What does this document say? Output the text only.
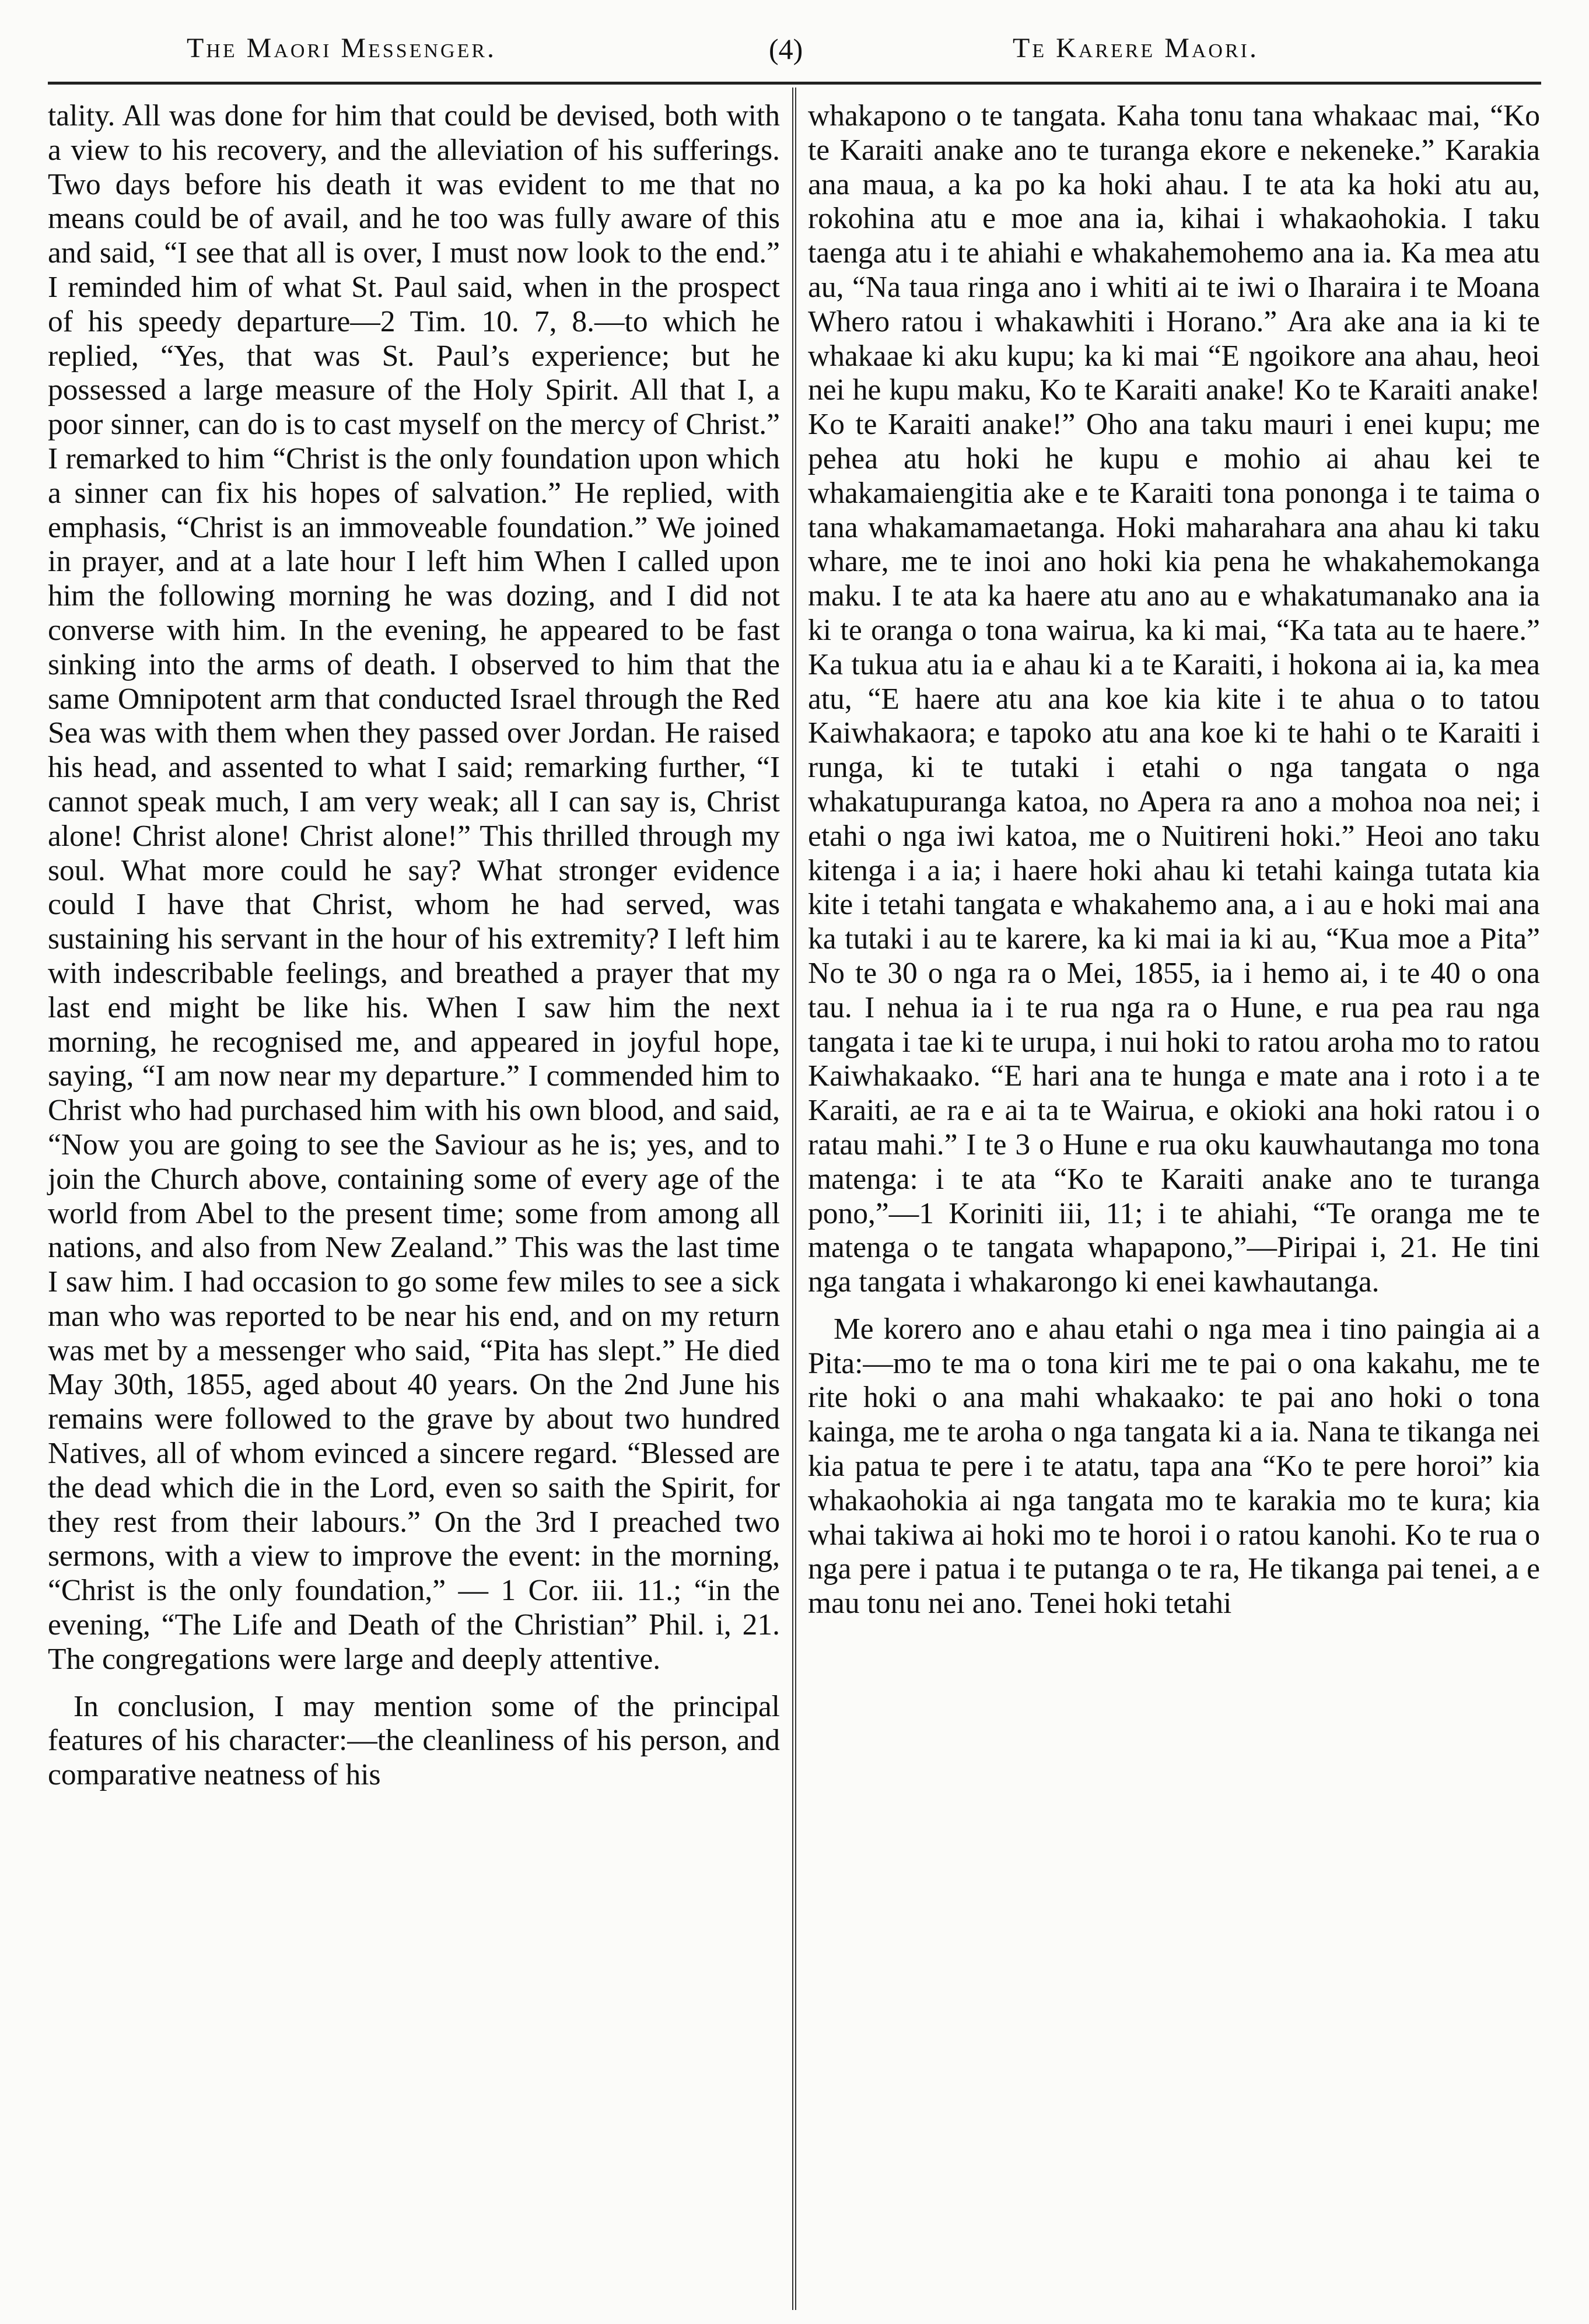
The Maori Messenger.	(4)	Te Karere Maori.

tality. All was done for him that could be devised, both with a view to his recovery, and the alleviation of his sufferings. Two days before his death it was evident to me that no means could be of avail, and he too was fully aware of this and said, “I see that all is over, I must now look to the end.” I reminded him of what St. Paul said, when in the prospect of his speedy departure—2 Tim. 10. 7, 8.—to which he replied, “Yes, that was St. Paul’s experience; but he possessed a large measure of the Holy Spirit. All that I, a poor sinner, can do is to cast myself on the mercy of Christ.” I remarked to him “Christ is the only foundation upon which a sinner can fix his hopes of salvation.” He replied, with emphasis, “Christ is an immoveable foundation.” We joined in prayer, and at a late hour I left him When I called upon him the following morning he was dozing, and I did not converse with him. In the evening, he appeared to be fast sinking into the arms of death. I observed to him that the same Omnipotent arm that conducted Israel through the Red Sea was with them when they passed over Jordan. He raised his head, and assented to what I said; remarking further, “I cannot speak much, I am very weak; all I can say is, Christ alone! Christ alone! Christ alone!” This thrilled through my soul. What more could he say? What stronger evidence could I have that Christ, whom he had served, was sustaining his servant in the hour of his extremity? I left him with indescribable feelings, and breathed a prayer that my last end might be like his. When I saw him the next morning, he recognised me, and appeared in joyful hope, saying, “I am now near my departure.” I commended him to Christ who had purchased him with his own blood, and said, “Now you are going to see the Saviour as he is; yes, and to join the Church above, containing some of every age of the world from Abel to the present time; some from among all nations, and also from New Zealand.” This was the last time I saw him. I had occasion to go some few miles to see a sick man who was reported to be near his end, and on my return was met by a messenger who said, “Pita has slept.” He died May 30th, 1855, aged about 40 years. On the 2nd June his remains were followed to the grave by about two hundred Natives, all of whom evinced a sincere regard. “Blessed are the dead which die in the Lord, even so saith the Spirit, for they rest from their labours.” On the 3rd I preached two sermons, with a view to improve the event: in the morning, “Christ is the only foundation,” — 1 Cor. iii. 11.; “in the evening, “The Life and Death of the Christian” Phil. i, 21. The congregations were large and deeply attentive.

In conclusion, I may mention some of the principal features of his character:—the cleanliness of his person, and comparative neatness of his

whakapono o te tangata. Kaha tonu tana whakaac mai, “Ko te Karaiti anake ano te turanga ekore e nekeneke.” Karakia ana maua, a ka po ka hoki ahau. I te ata ka hoki atu au, rokohina atu e moe ana ia, kihai i whakaohokia. I taku taenga atu i te ahiahi e whakahemohemo ana ia. Ka mea atu au, “Na taua ringa ano i whiti ai te iwi o Iharaira i te Moana Whero ratou i whakawhiti i Horano.” Ara ake ana ia ki te whakaae ki aku kupu; ka ki mai “E ngoikore ana ahau, heoi nei he kupu maku, Ko te Karaiti anake! Ko te Karaiti anake! Ko te Karaiti anake!” Oho ana taku mauri i enei kupu; me pehea atu hoki he kupu e mohio ai ahau kei te whakamaiengitia ake e te Karaiti tona pononga i te taima o tana whakamamaetanga. Hoki maharahara ana ahau ki taku whare, me te inoi ano hoki kia pena he whakahemokanga maku. I te ata ka haere atu ano au e whakatumanako ana ia ki te oranga o tona wairua, ka ki mai, “Ka tata au te haere.” Ka tukua atu ia e ahau ki a te Karaiti, i hokona ai ia, ka mea atu, “E haere atu ana koe kia kite i te ahua o to tatou Kaiwhakaora; e tapoko atu ana koe ki te hahi o te Karaiti i runga, ki te tutaki i etahi o nga tangata o nga whakatupuranga katoa, no Apera ra ano a mohoa noa nei; i etahi o nga iwi katoa, me o Nuitireni hoki.” Heoi ano taku kitenga i a ia; i haere hoki ahau ki tetahi kainga tutata kia kite i tetahi tangata e whakahemo ana, a i au e hoki mai ana ka tutaki i au te karere, ka ki mai ia ki au, “Kua moe a Pita” No te 30 o nga ra o Mei, 1855, ia i hemo ai, i te 40 o ona tau. I nehua ia i te rua nga ra o Hune, e rua pea rau nga tangata i tae ki te urupa, i nui hoki to ratou aroha mo to ratou Kaiwhakaako. “E hari ana te hunga e mate ana i roto i a te Karaiti, ae ra e ai ta te Wairua, e okioki ana hoki ratou i o ratau mahi.” I te 3 o Hune e rua oku kauwhautanga mo tona matenga: i te ata “Ko te Karaiti anake ano te turanga pono,”—1 Koriniti iii, 11; i te ahiahi, “Te oranga me te matenga o te tangata whapapono,”—Piripai i, 21. He tini nga tangata i whakarongo ki enei kawhautanga.

Me korero ano e ahau etahi o nga mea i tino paingia ai a Pita:—mo te ma o tona kiri me te pai o ona kakahu, me te rite hoki o ana mahi whakaako: te pai ano hoki o tona kainga, me te aroha o nga tangata ki a ia. Nana te tikanga nei kia patua te pere i te atatu, tapa ana “Ko te pere horoi” kia whakaohokia ai nga tangata mo te karakia mo te kura; kia whai takiwa ai hoki mo te horoi i o ratou kanohi. Ko te rua o nga pere i patua i te putanga o te ra, He tikanga pai tenei, a e mau tonu nei ano. Tenei hoki tetahi
